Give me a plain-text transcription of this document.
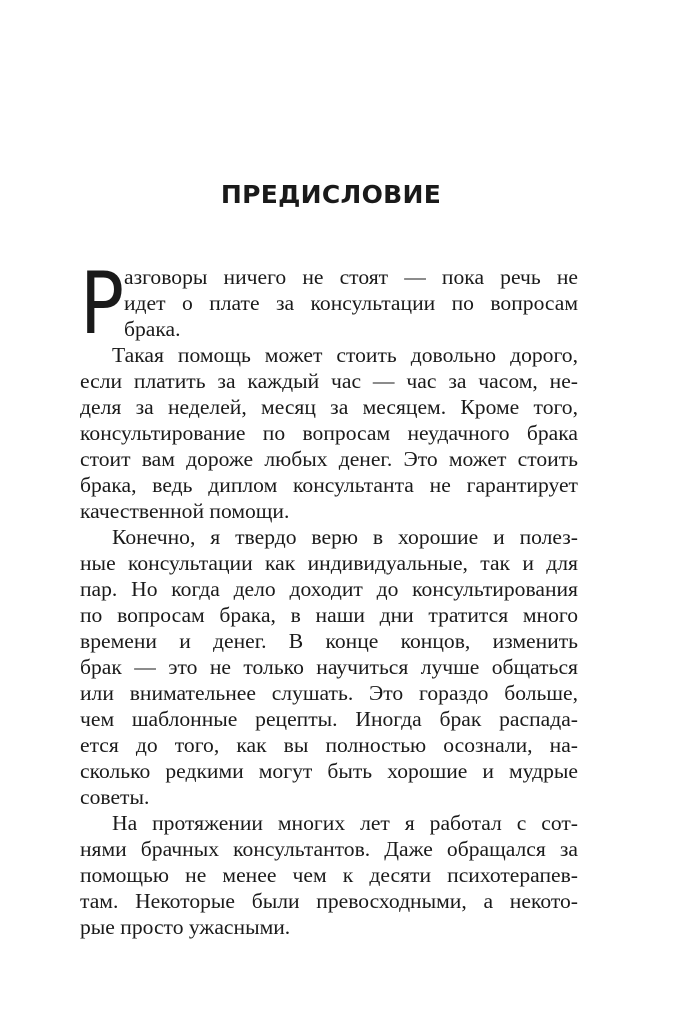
ПРЕДИСЛОВИЕ
Р азговоры ничего не стоят — пока речь не
идет о плате за консультации по вопросам
брака.
Такая помощь может стоить довольно дорого,
если платить за каждый час — час за часом, не-
деля за неделей, месяц за месяцем. Кроме того,
консультирование по вопросам неудачного брака
стоит вам дороже любых денег. Это может стоить
брака, ведь диплом консультанта не гарантирует
качественной помощи.
Конечно, я твердо верю в хорошие и полез-
ные консультации как индивидуальные, так и для
пар. Но когда дело доходит до консультирования
по вопросам брака, в наши дни тратится много
времени и денег. В конце концов, изменить
брак — это не только научиться лучше общаться
или внимательнее слушать. Это гораздо больше,
чем шаблонные рецепты. Иногда брак распада-
ется до того, как вы полностью осознали, на-
сколько редкими могут быть хорошие и мудрые
советы.
На протяжении многих лет я работал с сот-
нями брачных консультантов. Даже обращался за
помощью не менее чем к десяти психотерапев-
там. Некоторые были превосходными, а некото-
рые просто ужасными.
